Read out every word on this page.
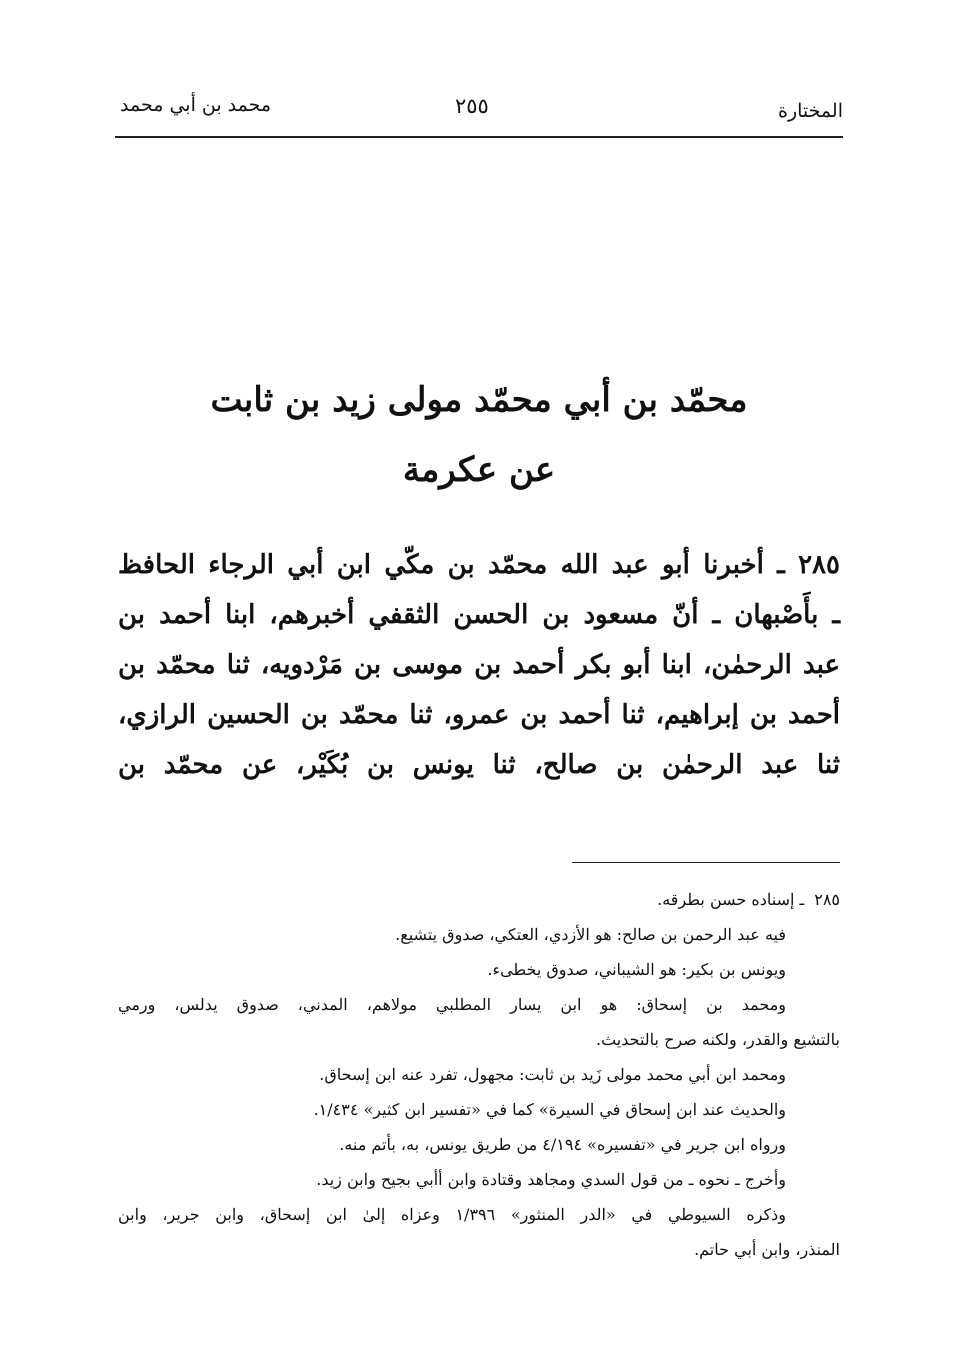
المختارة
٢٥٥
محمد بن أبي محمد
محمّد بن أبي محمّد مولى زيد بن ثابت
عن عكرمة
٢٨٥ ـ أخبرنا أبو عبد الله محمّد بن مكّي ابن أبي الرجاء الحافظ
ـ بأَصْبهان ـ أنّ مسعود بن الحسن الثقفي أخبرهم، ابنا أحمد بن
عبد الرحمٰن، ابنا أبو بكر أحمد بن موسى بن مَرْدويه، ثنا محمّد بن
أحمد بن إبراهيم، ثنا أحمد بن عمرو، ثنا محمّد بن الحسين الرازي،
ثنا عبد الرحمٰن بن صالح، ثنا يونس بن بُكَيْر، عن محمّد بن
٢٨٥ـ إسناده حسن بطرقه.
فيه عبد الرحمن بن صالح: هو الأزدي، العتكي، صدوق يتشيع.
ويونس بن بكير: هو الشيباني، صدوق يخطىء.
ومحمد بن إسحاق: هو ابن يسار المطلبي مولاهم، المدني، صدوق يدلس، ورمي
بالتشيع والقدر، ولكنه صرح بالتحديث.
ومحمد ابن أبي محمد مولى زَيد بن ثابت: مجهول، تفرد عنه ابن إسحاق.
والحديث عند ابن إسحاق في السيرة» كما في «تفسير ابن كثير» ١/٤٣٤.
ورواه ابن جرير في «تفسيره» ٤/١٩٤ من طريق يونس، به، بأتم منه.
وأخرج ـ نحوه ـ من قول السدي ومجاهد وقتادة وابن أأبي بجيح وابن زيد.
وذكره السيوطي في «الدر المنثور» ١/٣٩٦ وعزاه إلىٰ ابن إسحاق، وابن جرير، وابن
المنذر، وابن أبي حاتم.
